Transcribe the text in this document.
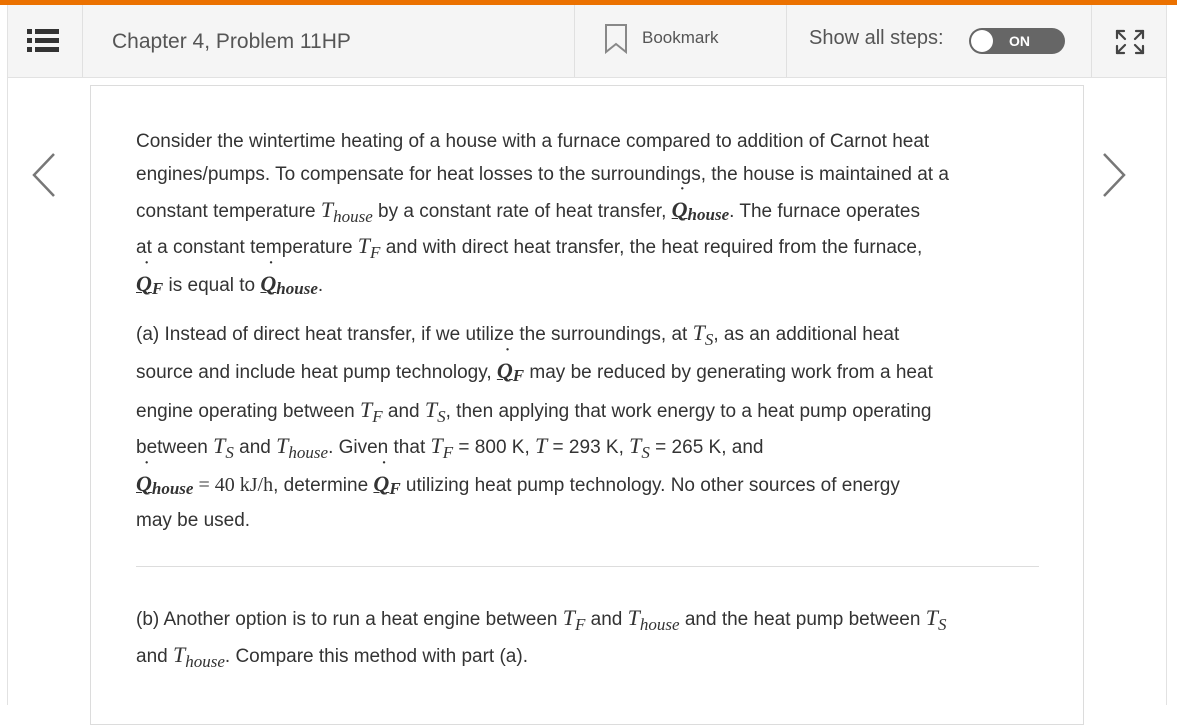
Chapter 4, Problem 11HP	Bookmark	Show all steps:	ON
Consider the wintertime heating of a house with a furnace compared to addition of Carnot heat
engines/pumps. To compensate for heat losses to the surroundings, the house is maintained at a
constant temperature Thouse by a constant rate of heat transfer,
˙
Qhouse. The furnace operates
at a constant temperature TF and with direct heat transfer, the heat required from the furnace,
˙
QF is equal to
˙
Qhouse.
(a) Instead of direct heat transfer, if we utilize the surroundings, at TS, as an additional heat
source and include heat pump technology,
˙
QF may be reduced by generating work from a heat
engine operating between TF and TS, then applying that work energy to a heat pump operating
between TS and Thouse. Given that TF = 800 K, T = 293 K, TS = 265 K, and
˙
Qhouse = 40 kJ/h, determine
˙
QF utilizing heat pump technology. No other sources of energy
may be used.
(b) Another option is to run a heat engine between TF and Thouse and the heat pump between TS
and Thouse. Compare this method with part (a).
